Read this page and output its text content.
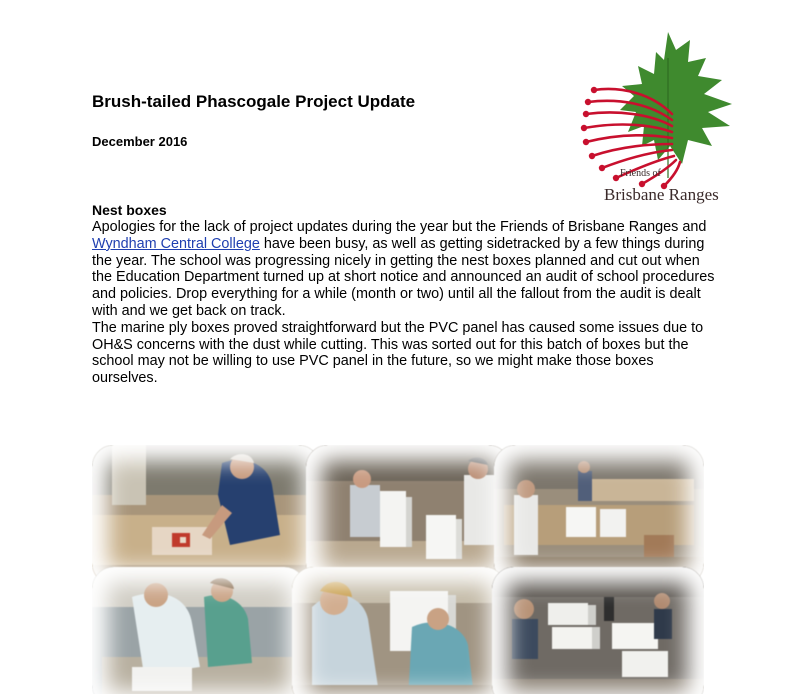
Brush-tailed Phascogale Project Update
December 2016
Friends of
Brisbane Ranges
Nest boxes

Apologies for the lack of project updates during the year but the Friends of Brisbane Ranges and Wyndham Central College have been busy, as well as getting sidetracked by a few things during the year. The school was progressing nicely in getting the nest boxes planned and cut out when the Education Department turned up at short notice and announced an audit of school procedures and policies. Drop everything for a while (month or two) until all the fallout from the audit is dealt with and we get back on track.

The marine ply boxes proved straightforward but the PVC panel has caused some issues due to OH&S concerns with the dust while cutting. This was sorted out for this batch of boxes but the school may not be willing to use PVC panel in the future, so we might make those boxes ourselves.
